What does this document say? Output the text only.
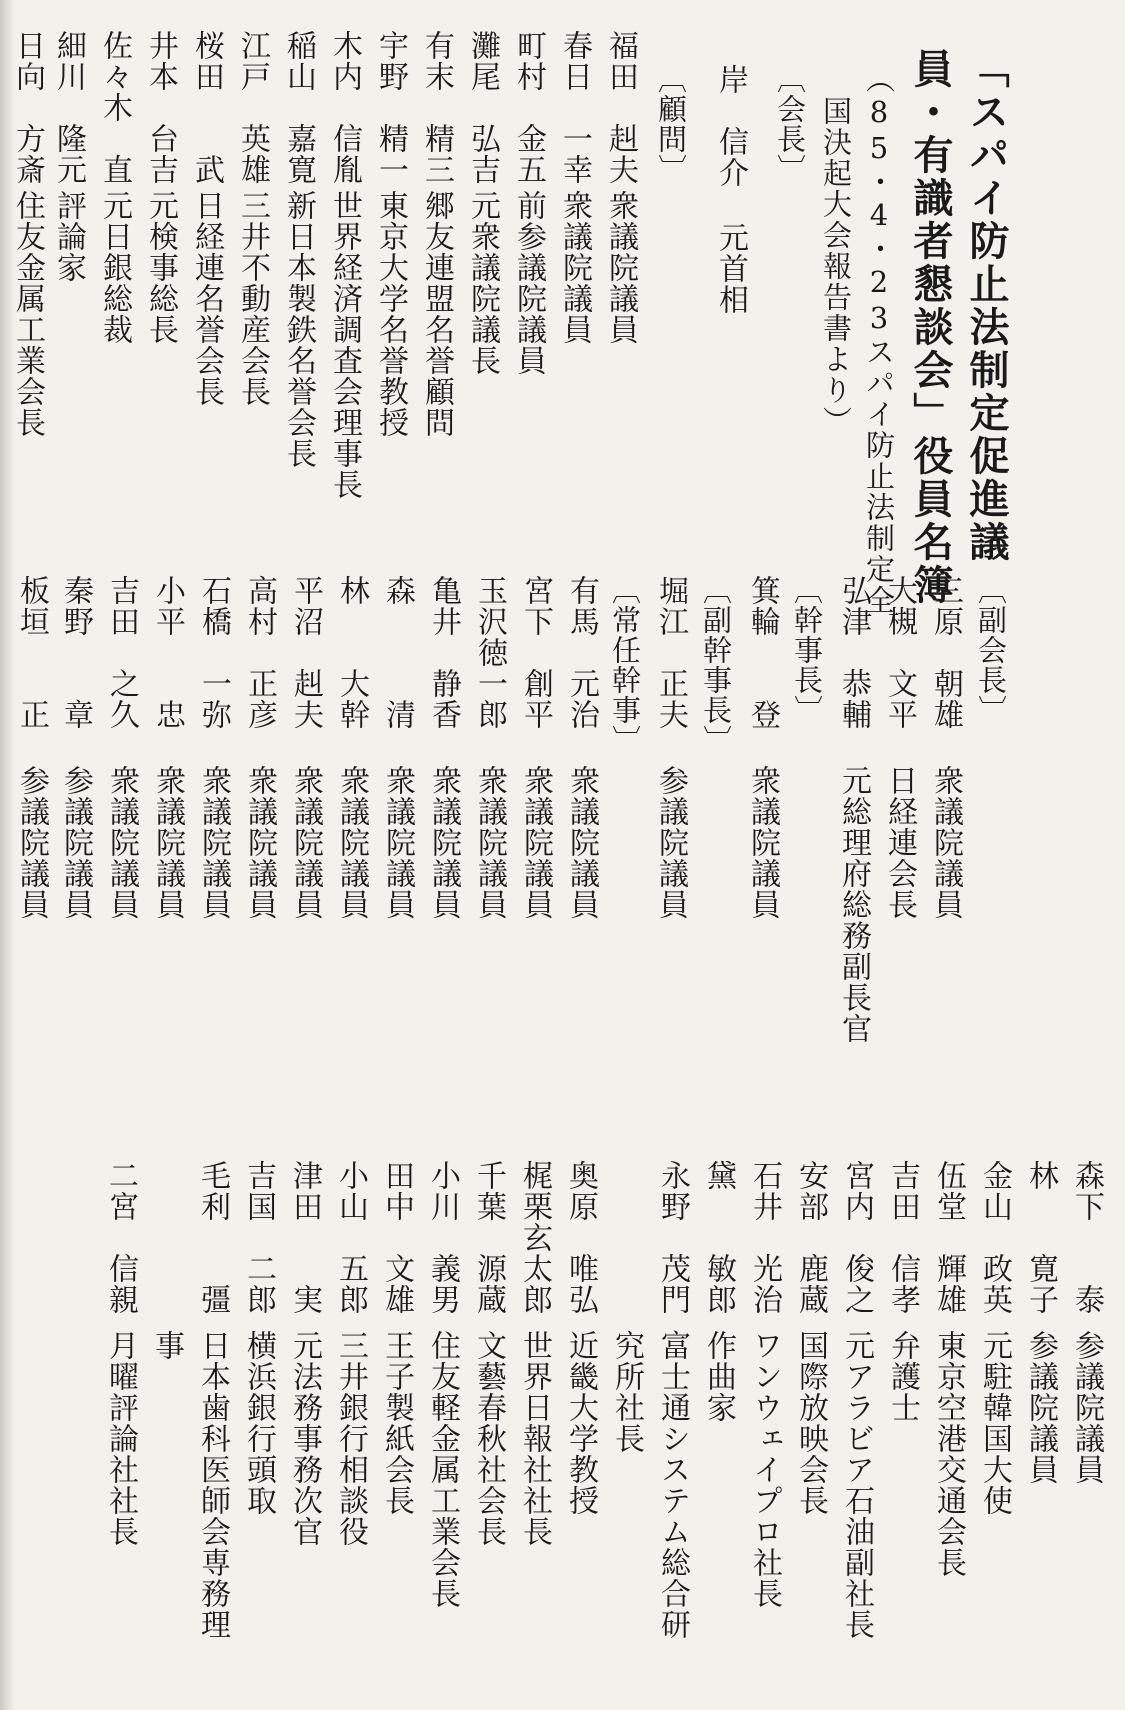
「スパイ防止法制定促進議
員・有識者懇談会」役員名簿
（85・4・23スパイ防止法制定全
国決起大会報告書より）
〔会長〕
〔顧問〕 岸　信介
元首相
福田　赳夫
衆議院議員
春日　一幸
衆議院議員
町村　金五
前参議院議員
灘尾　弘吉
元衆議院議長
有末　精三
郷友連盟名誉顧問
宇野　精一
東京大学名誉教授
木内　信胤
世界経済調査会理事長
稲山　嘉寛
新日本製鉄名誉会長
江戸　英雄
三井不動産会長
桜田　　武
日経連名誉会長
井本　台吉
元検事総長
佐々木　直
元日銀総裁
細川　隆元
評論家
日向　方斎
住友金属工業会長
〔副会長〕
三原　朝雄
衆議院議員
大槻　文平
日経連会長
弘津　恭輔
元総理府総務副長官
〔幹事長〕
箕輪　　登
衆議院議員
〔副幹事長〕
堀江　正夫
参議院議員
〔常任幹事〕
有馬　元治
衆議院議員
宮下　創平
衆議院議員
玉沢徳一郎
衆議院議員
亀井　静香
衆議院議員
森　　　清
衆議院議員
林　　大幹
衆議院議員
平沼　赳夫
衆議院議員
高村　正彦
衆議院議員
石橋　一弥
衆議院議員
小平　　忠
衆議院議員
吉田　之久
衆議院議員
秦野　　章
参議院議員
板垣　　正
参議院議員
森下　　泰
参議院議員
林　　寛子
参議院議員
金山　政英
元駐韓国大使
伍堂　輝雄
東京空港交通会長
吉田　信孝
弁護士
宮内　俊之
元アラビア石油副社長
安部　鹿蔵
国際放映会長
石井　光治
ワンウェイプロ社長
黛　　敏郎
作曲家
永野　茂門
富士通システム総合研
究所社長
奥原　唯弘
近畿大学教授
梶栗玄太郎
世界日報社社長
千葉　源蔵
文藝春秋社会長
小川　義男
住友軽金属工業会長
田中　文雄
王子製紙会長
小山　五郎
三井銀行相談役
津田　　実
元法務事務次官
吉国　二郎
横浜銀行頭取
毛利　　彊
日本歯科医師会専務理
事
二宮　信親
月曜評論社社長
